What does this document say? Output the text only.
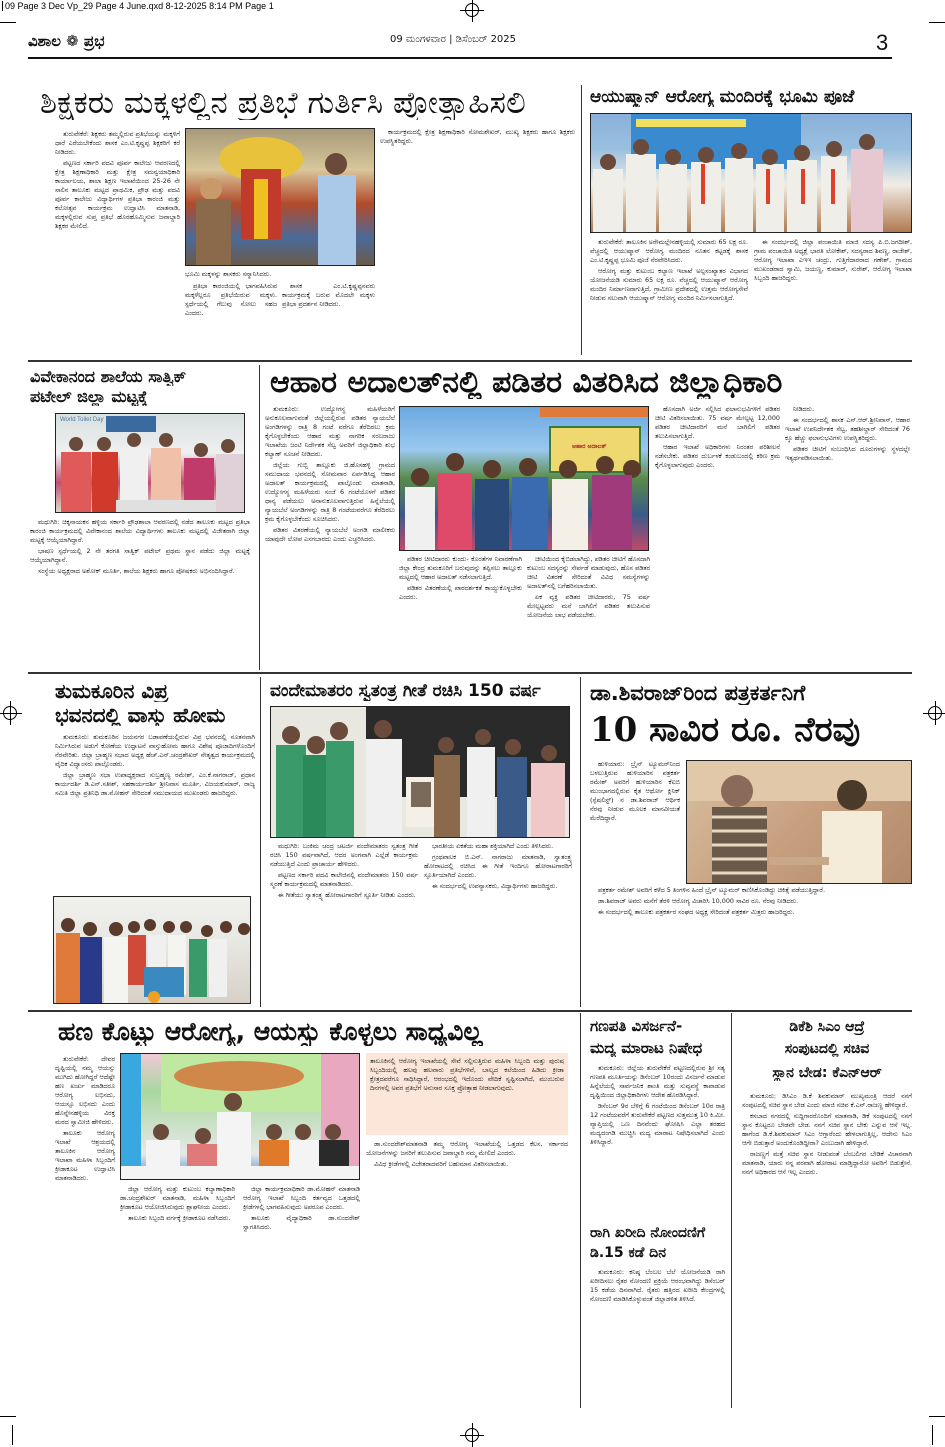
09 Page 3 Dec Vp_29 Page 4 June.qxd 8-12-2025 8:14 PM Page 1
ವಿಶಾಲ ❁ ಪ್ರಭ	09 ಮಂಗಳವಾರ | ಡಿಸೆಂಬರ್ 2025	3
ಶಿಕ್ಷಕರು ಮಕ್ಕಳಲ್ಲಿನ ಪ್ರತಿಭೆ ಗುರ್ತಿಸಿ ಪ್ರೋತ್ಸಾಹಿಸಲಿ

ತುರುವೇಕೆರೆ: ಶಿಕ್ಷಕರು ತಮ್ಮಲ್ಲಿರುವ ಪ್ರತಿಭೆಯನ್ನು ಮಕ್ಕಳಿಗೆ ಧಾರೆ ಎರೆಯಬೇಕೆಂದು ಶಾಸಕ ಎಂ.ಟಿ.ಕೃಷ್ಣಪ್ಪ ಶಿಕ್ಷಕರಿಗೆ ಕರೆ ನೀಡಿದರು.

ಪಟ್ಟಣದ ಸರ್ಕಾರಿ ಪದವಿ ಪೂರ್ವ ಕಾಲೇಜು ಆವರಣದಲ್ಲಿ ಕ್ಷೇತ್ರ ಶಿಕ್ಷಣಾಧಿಕಾರಿ ಮತ್ತು ಕ್ಷೇತ್ರ ಸಮನ್ವಯಾಧಿಕಾರಿ ಕಾರ್ಯಾಲಯ, ಶಾಲಾ ಶಿಕ್ಷಣ ಇಲಾಖೆಯಿಂದ 25-26 ನೇ ಸಾಲಿನ ತಾಲೂಕು ಮಟ್ಟದ ಪ್ರಾಥಮಿಕ, ಪ್ರೌಢ ಮತ್ತು ಪದವಿ ಪೂರ್ವ ಕಾಲೇಜು ವಿದ್ಯಾರ್ಥಿಗಳ ಪ್ರತಿಭಾ ಕಾರಂಜಿ ಮತ್ತು ಕಲೋತ್ಸವ ಕಾರ್ಯಕ್ರಮ ಉದ್ಘಾಟಿಸಿ ಮಾತನಾಡಿ, ಮಕ್ಕಳಲ್ಲಿರುವ ಸುಪ್ತ ಪ್ರತಿಭೆ ಹೊರಹೊಮ್ಮಿಸುವ ಜವಾಬ್ದಾರಿ ಶಿಕ್ಷಕರ ಮೇಲಿದೆ.

ಭೂಮಿ ಮಕ್ಕಳನ್ನು ಶಾಸಕರು ಸನ್ಮಾನಿಸಿದರು.

ಪ್ರತಿಭಾ ಕಾರಂಜಿಯಲ್ಲಿ ಭಾಗವಹಿಸಿರುವ ಮಕ್ಕಳೆಲ್ಲರೂ ಪ್ರತಿಭೆಯಿರುವ ಮಕ್ಕಳು. ಸ್ಪರ್ಧೆಯಲ್ಲಿ ಗೆಲುವು ಸೋಲು ಸಹಜ ಎಂದರು.

ಶಾಸಕ ಎಂ.ಟಿ.ಕೃಷ್ಣಪ್ಪನವರು ಕಾರ್ಯಕ್ರಮಕ್ಕೆ ಬರುವ ಮೊದಲೇ ಮಕ್ಕಳು ಪ್ರತಿಭಾ ಪ್ರದರ್ಶನ ನೀಡಿದರು.

ಕಾರ್ಯಕ್ರಮದಲ್ಲಿ ಕ್ಷೇತ್ರ ಶಿಕ್ಷಣಾಧಿಕಾರಿ ಸೋಮಶೇಖರ್, ಮುಖ್ಯ ಶಿಕ್ಷಕರು ಹಾಗೂ ಶಿಕ್ಷಕರು ಉಪಸ್ಥಿತರಿದ್ದರು.

ಆಯುಷ್ಮಾನ್ ಆರೋಗ್ಯ ಮಂದಿರಕ್ಕೆ ಭೂಮಿ ಪೂಜೆ

ತುರುವೇಕೆರೆ: ತಾಲೂಕಿನ ಅರೇಮಲ್ಲೇನಹಳ್ಳಿಯಲ್ಲಿ ಸುಮಾರು 65 ಲಕ್ಷ ರೂ. ವೆಚ್ಚದಲ್ಲಿ ಆಯುಷ್ಮಾನ್ ಆರೋಗ್ಯ ಮಂದಿರದ ನೂತನ ಕಟ್ಟಡಕ್ಕೆ ಶಾಸಕ ಎಂ.ಟಿ.ಕೃಷ್ಣಪ್ಪ ಭೂಮಿ ಪೂಜೆ ನೆರವೇರಿಸಿದರು.

ಆರೋಗ್ಯ ಮತ್ತು ಕುಟುಂಬ ಕಲ್ಯಾಣ ಇಲಾಖೆ ಅಲ್ಪಸಂಖ್ಯಾತರ ವಿಭಾಗದ ಯೋಜನೆಯಡಿ ಸುಮಾರು 65 ಲಕ್ಷ ರೂ. ವೆಚ್ಚದಲ್ಲಿ ಆಯುಷ್ಮಾನ್ ಆರೋಗ್ಯ ಮಂದಿರ ನಿರ್ಮಾಣವಾಗುತ್ತಿದೆ, ಗ್ರಾಮೀಣ ಪ್ರದೇಶದಲ್ಲಿ ಉತ್ತಮ ಆರೋಗ್ಯಸೇವೆ ನೀಡುವ ಸಲುವಾಗಿ ಆಯುಷ್ಮಾನ್ ಆರೋಗ್ಯ ಮಂದಿರ ನಿರ್ಮಿಸಲಾಗುತ್ತಿದೆ.

ಈ ಸಂದರ್ಭದಲ್ಲಿ ಜಿಲ್ಲಾ ಪಂಚಾಯಿತಿ ಮಾಜಿ ಸದಸ್ಯ ಪಿ.ಬಿ.ಜಗದೀಶ್, ಗ್ರಾಮ ಪಂಚಾಯಿತಿ ಅಧ್ಯಕ್ಷೆ ಭಾರತಿ ಲೋಕೇಶ್, ಸದಸ್ಯರಾದ ಶಿವಣ್ಣ, ರಾಜೇಶ್, ಆರೋಗ್ಯ ಇಲಾಖಾ ಎಇಇ ಚಂದ್ರು, ಗುತ್ತಿಗೆದಾರರಾದ ಗಣೇಶ್, ಗ್ರಾಮದ ಮುಖಂಡರಾದ ಸ್ವಾಮಿ, ಜಯಣ್ಣ, ಕುಮಾರ್, ಸುರೇಶ್, ಆರೋಗ್ಯ ಇಲಾಖಾ ಸಿಬ್ಬಂದಿ ಹಾಜರಿದ್ದರು.

ವಿವೇಕಾನಂದ ಶಾಲೆಯ ಸಾತ್ವಿಕ್
ಪಟೇಲ್ ಜಿಲ್ಲಾ ಮಟ್ಟಕ್ಕೆ
World Toilet Day

ಮಧುಗಿರಿ: ಚಿಕ್ಕನಾಯಕನ ಹಳ್ಳಿಯ ಸರ್ಕಾರಿ ಪ್ರೌಢಶಾಲಾ ಆವರಣದಲ್ಲಿ ನಡೆದ ತಾಲೂಕು ಮಟ್ಟದ ಪ್ರತಿಭಾ ಕಾರಂಜಿ ಕಾರ್ಯಕ್ರಮದಲ್ಲಿ ವಿವೇಕಾನಂದ ಶಾಲೆಯ ವಿದ್ಯಾರ್ಥಿಗಳು ತಾಲೂಕು ಮಟ್ಟದಲ್ಲಿ ವಿಜೇತರಾಗಿ ಜಿಲ್ಲಾ ಮಟ್ಟಕ್ಕೆ ಆಯ್ಕೆಯಾಗಿದ್ದಾರೆ.

ಭಾಷಣ ಸ್ಪರ್ಧೆಯಲ್ಲಿ 2 ನೇ ತರಗತಿ ಸಾತ್ವಿಕ್ ಪಟೇಲ್ ಪ್ರಥಮ ಸ್ಥಾನ ಪಡೆದು ಜಿಲ್ಲಾ ಮಟ್ಟಕ್ಕೆ ಆಯ್ಕೆಯಾಗಿದ್ದಾನೆ.

ಸಂಸ್ಥೆಯ ಅಧ್ಯಕ್ಷರಾದ ಅಶೋಕ್ ಮೂರ್ತಿ, ಶಾಲೆಯ ಶಿಕ್ಷಕರು ಹಾಗೂ ಪೋಷಕರು ಅಭಿನಂದಿಸಿದ್ದಾರೆ.

ಆಹಾರ ಅದಾಲತ್‌ನಲ್ಲಿ ಪಡಿತರ ವಿತರಿಸಿದ ಜಿಲ್ಲಾಧಿಕಾರಿ

ತುಮಕೂರು: ಉದ್ಯೋಗಸ್ಥ ಮಹಿಳೆಯರಿಗೆ ಅನುಕೂಲವಾಗುವಂತೆ ಜಿಲ್ಲೆಯಲ್ಲಿರುವ ಪಡಿತರ ನ್ಯಾಯಬೆಲೆ ಅಂಗಡಿಗಳನ್ನು ರಾತ್ರಿ 8 ಗಂಟೆ ವರೆಗೂ ತೆರೆದಿರಲು ಕ್ರಮ ಕೈಗೊಳ್ಳಬೇಕೆಂದು ಆಹಾರ ಮತ್ತು ನಾಗರಿಕ ಸರಬರಾಜು ಇಲಾಖೆಯ ಜಂಟಿ ನಿರ್ದೇಶಕ ಸೆಲ್ವ ಅವರಿಗೆ ಜಿಲ್ಲಾಧಿಕಾರಿ ಶುಭ ಕಲ್ಯಾಣ್ ಸೂಚನೆ ನೀಡಿದರು.

ಜಿಲ್ಲೆಯ ಗುಬ್ಬಿ ತಾಲ್ಲೂಕು ಜಿ.ಹೊಸಹಳ್ಳಿ ಗ್ರಾಮದ ಸಮುದಾಯ ಭವನದಲ್ಲಿ ಸೋಮವಾರ ಏರ್ಪಡಿಸಿದ್ದ ಆಹಾರ ಅದಾಲತ್ ಕಾರ್ಯಕ್ರಮದಲ್ಲಿ ಪಾಲ್ಗೊಂಡು ಮಾತನಾಡಿ, ಉದ್ಯೋಗಸ್ಥ ಮಹಿಳೆಯರು ಸಂಜೆ 6 ಗಂಟೆಯೊಳಗೆ ಪಡಿತರ ಧಾನ್ಯ ಪಡೆಯಲು ಅನಾನುಕೂಲವಾಗುತ್ತಿರುವ ಹಿನ್ನೆಲೆಯಲ್ಲಿ ನ್ಯಾಯಬೆಲೆ ಅಂಗಡಿಗಳನ್ನು ರಾತ್ರಿ 8 ಗಂಟೆಯವರೆಗೂ ತೆರೆದಿರಲು ಕ್ರಮ ಕೈಗೊಳ್ಳಬೇಕೆಂದು ಸೂಚಿಸಿದರು.

ಪಡಿತರ ವಿತರಣೆಯಲ್ಲಿ ನ್ಯಾಯಬೆಲೆ ಅಂಗಡಿ ಮಾಲೀಕರು ಯಾವುದೇ ಲೋಪ ಎಸಗಬಾರದು ಎಂದು ಎಚ್ಚರಿಸಿದರು.

ಆಹಾರ ಅದಾಲತ್

ಪಡಿತರ ಚೀಟಿದಾರರು ಕುಂದು- ಕೊರತೆಗಳ ನಿವಾರಣೆಗಾಗಿ ಜಿಲ್ಲಾ ಕೇಂದ್ರ ತುಮಕೂರಿಗೆ ಬರುವುದನ್ನು ತಪ್ಪಿಸಲು ತಾಲ್ಲೂಕು ಮಟ್ಟದಲ್ಲಿ ಆಹಾರ ಅದಾಲತ್ ನಡೆಸಲಾಗುತ್ತಿದೆ.

ಪಡಿತರ ವಿತರಣೆಯಲ್ಲಿ ಪಾರದರ್ಶಕತೆ ಕಾಯ್ದುಕೊಳ್ಳಬೇಕು ಎಂದರು.

ಚೀಟಿಯಿಂದ ಕೈಬಿಡಲಾಗಿದ್ದು, ಪಡಿತರ ಚೀಟಿಗೆ ಹೊಸದಾಗಿ ಕುಟುಂಬ ಸದಸ್ಯರನ್ನು ಸೇರ್ಪಡೆ ಮಾಡುವುದು, ಹೊಸ ಪಡಿತರ ಚೀಟಿ ವಿತರಣೆ ಸೇರಿದಂತೆ ವಿವಿಧ ಸಮಸ್ಯೆಗಳನ್ನು ಅದಾಲತ್‌ನಲ್ಲಿ ಬಗೆಹರಿಸಲಾಯಿತು.

ಏಕ ವ್ಯಕ್ತಿ ಪಡಿತರ ಚೀಟಿದಾರರು, 75 ವರ್ಷ ಮೇಲ್ಪಟ್ಟವರು ಮನೆ ಬಾಗಿಲಿಗೆ ಪಡಿತರ ತಲುಪಿಸುವ ಯೋಜನೆಯ ಲಾಭ ಪಡೆಯಬೇಕು.

ಹೊಸದಾಗಿ ಅರ್ಜಿ ಸಲ್ಲಿಸಿದ ಫಲಾನುಭವಿಗಳಿಗೆ ಪಡಿತರ ಚೀಟಿ ವಿತರಿಸಲಾಯಿತು. 75 ವರ್ಷ ಮೇಲ್ಪಟ್ಟ 12,000 ಪಡಿತರ ಚೀಟಿದಾರರಿಗೆ ಮನೆ ಬಾಗಿಲಿಗೆ ಪಡಿತರ ತಲುಪಿಸಲಾಗುತ್ತಿದೆ.

ಆಹಾರ ಇಲಾಖೆ ಅಧಿಕಾರಿಗಳು ನಿರಂತರ ಪರಿಶೀಲನೆ ನಡೆಸಬೇಕು. ಪಡಿತರ ದುರ್ಬಳಕೆ ಕಂಡುಬಂದಲ್ಲಿ ಕಠಿಣ ಕ್ರಮ ಕೈಗೊಳ್ಳಲಾಗುವುದು ಎಂದರು.

ನೀಡಿದರು.

ಈ ಸಂದರ್ಭದಲ್ಲಿ ಶಾಸಕ ಎಸ್.ಆರ್.ಶ್ರೀನಿವಾಸ್, ಆಹಾರ ಇಲಾಖೆ ಉಪನಿರ್ದೇಶಕ ಸೆಲ್ವ, ತಹಶೀಲ್ದಾರ್ ಸೇರಿದಂತೆ 76 ಕ್ಕೂ ಹೆಚ್ಚು ಫಲಾನುಭವಿಗಳು ಉಪಸ್ಥಿತರಿದ್ದರು.

ಪಡಿತರ ಚೀಟಿಗೆ ಸಂಬಂಧಿಸಿದ ದೂರುಗಳನ್ನು ಸ್ಥಳದಲ್ಲೇ ಇತ್ಯರ್ಥಪಡಿಸಲಾಯಿತು.

ತುಮಕೂರಿನ ವಿಪ್ರ
ಭವನದಲ್ಲಿ ವಾಸ್ತು ಹೋಮ

ತುಮಕೂರು: ತುಮಕೂರಿನ ಜಯನಗರ ಬಡಾವಣೆಯಲ್ಲಿರುವ ವಿಪ್ರ ಭವನದಲ್ಲಿ ನೂತನವಾಗಿ ನಿರ್ಮಿಸಿರುವ ಅಡುಗೆ ಕೋಣೆಯ ಉದ್ಘಾಟನೆ ವಾಸ್ತುಹೋಮ ಹಾಗೂ ವಿಶೇಷ ಪೂಜಾದಿಗಳೊಂದಿಗೆ ನೆರವೇರಿತು. ಜಿಲ್ಲಾ ಬ್ರಾಹ್ಮಣ ಸಭಾದ ಅಧ್ಯಕ್ಷ ಹೆಚ್.ಎನ್.ಚಂದ್ರಶೇಖರ್ ನೇತೃತ್ವದ ಕಾರ್ಯಕ್ರಮದಲ್ಲಿ ವೈದಿಕ ವಿದ್ವಾಂಸರು ಪಾಲ್ಗೊಂಡರು.

ಜಿಲ್ಲಾ ಬ್ರಾಹ್ಮಣ ಸಭಾ ಉಪಾಧ್ಯಕ್ಷರಾದ ಸುಬ್ರಹ್ಮಣ್ಯ ರಮೇಶ್, ಎಂ.ಕೆ.ನಾಗರಾಜ್, ಪ್ರಧಾನ ಕಾರ್ಯದರ್ಶಿ ಡಿ.ಎನ್.ಸತೀಶ್, ಸಹಕಾರ್ಯದರ್ಶಿ ಶ್ರೀನಿವಾಸ ಮೂರ್ತಿ, ವಿಜಯಕುಮಾರ್, ರಾಜ್ಯ ಸಮಿತಿ ಜಿಲ್ಲಾ ಪ್ರತಿನಿಧಿ ಡಾ.ಮೋಹನ್ ಸೇರಿದಂತೆ ಸಮುದಾಯದ ಮುಖಂಡರು ಹಾಜರಿದ್ದರು.

ವಂದೇಮಾತರಂ ಸ್ವತಂತ್ರ ಗೀತೆ ರಚಿಸಿ 150 ವರ್ಷ

ಮಧುಗಿರಿ: ಬಂಕಿಮ ಚಂದ್ರ ಚಟರ್ಜಿ ವಂದೇಮಾತರಂ ಸ್ವತಂತ್ರ ಗೀತೆ ರಚಿಸಿ 150 ವರ್ಷವಾಗಿದೆ, ಆದರ ಅಂಗವಾಗಿ ಎಲ್ಲೆಡೆ ಕಾರ್ಯಕ್ರಮ ನಡೆಯುತ್ತಿದೆ ಎಂದು ಪ್ರಾಚಾರ್ಯ ಹೇಳಿದರು.

ಪಟ್ಟಣದ ಸರ್ಕಾರಿ ಪದವಿ ಕಾಲೇಜಿನಲ್ಲಿ ವಂದೇಮಾತರಂ 150 ವರ್ಷ ಸ್ಮರಣೆ ಕಾರ್ಯಕ್ರಮದಲ್ಲಿ ಮಾತನಾಡಿದರು.

ಈ ಗೀತೆಯು ಸ್ವಾತಂತ್ರ್ಯ ಹೋರಾಟಗಾರರಿಗೆ ಸ್ಫೂರ್ತಿ ನೀಡಿತು ಎಂದರು.

ಭಾರತೀಯ ಏಕತೆಯ ಮಹಾ ಶಕ್ತಿಯಾಗಿದೆ ಎಂದು ತಿಳಿಸಿದರು.

ಗ್ರಂಥಪಾಲಕ ಬಿ.ಎನ್. ನಾಗರಾಜು ಮಾತನಾಡಿ, ಸ್ವಾತಂತ್ರ್ಯ ಹೋರಾಟದಲ್ಲಿ ರಚಿಸಿದ ಈ ಗೀತೆ ಇಂದಿಗೂ ಹೋರಾಟಗಾರರಿಗೆ ಸ್ಫೂರ್ತಿಯಾಗಿದೆ ಎಂದರು.

ಈ ಸಂದರ್ಭದಲ್ಲಿ ಉಪನ್ಯಾಸಕರು, ವಿದ್ಯಾರ್ಥಿಗಳು ಹಾಜರಿದ್ದರು.

ಡಾ.ಶಿವರಾಜ್‌ರಿಂದ ಪತ್ರಕರ್ತನಿಗೆ
10 ಸಾವಿರ ರೂ. ನೆರವು

ಹುಳಿಯಾರು: ಬ್ರೈನ್ ಟ್ಯೂಮರ್‌ನಿಂದ ಬಳಲುತ್ತಿರುವ ಹುಳಿಯಾರಿನ ಪತ್ರಕರ್ತ ರಮೇಶ್ ಅವರಿಗೆ ಹುಳಿಯಾರಿನ ಕೆಐಬಿ ಮುಂಭಾಗದಲ್ಲಿರುವ ಕೈತ ಆರ್ಥೋ ಕ್ಲಿನಿಕ್ (ಸ್ಪೆಷಲಿಸ್ಟ್) ನ ಡಾ.ಶಿವರಾಜ್ ಆರ್ಥಿಕ ನೆರವು ನೀಡುವ ಮೂಲಕ ಮಾನವೀಯತೆ ಮೆರೆದಿದ್ದಾರೆ.

ಪತ್ರಕರ್ತ ರಮೇಶ್ ಅವರಿಗೆ ಕಳೆದ 5 ತಿಂಗಳಿನ ಹಿಂದೆ ಬ್ರೈನ್ ಟ್ಯೂಮರ್ ಕಾಣಿಸಿಕೊಂಡಿದ್ದು ಚಿಕಿತ್ಸೆ ಪಡೆಯುತ್ತಿದ್ದಾರೆ.

ಡಾ.ಶಿವರಾಜ್ ಅವರು ಮನೆಗೆ ತೆರಳಿ ಆರೋಗ್ಯ ವಿಚಾರಿಸಿ 10,000 ಸಾವಿರ ರೂ. ನೆರವು ನೀಡಿದರು.

ಈ ಸಂದರ್ಭದಲ್ಲಿ ತಾಲೂಕು ಪತ್ರಕರ್ತರ ಸಂಘದ ಅಧ್ಯಕ್ಷ ಸೇರಿದಂತೆ ಪತ್ರಕರ್ತ ಮಿತ್ರರು ಹಾಜರಿದ್ದರು.

ಹಣ ಕೊಟ್ಟು ಆರೋಗ್ಯ, ಆಯಸ್ಸು ಕೊಳ್ಳಲು ಸಾಧ್ಯವಿಲ್ಲ

ತುರುವೇಕೆರೆ: ದೇವರ ದೃಷ್ಟಿಯಲ್ಲಿ ನಮ್ಮ ಆಯಸ್ಸು ಮುಗಿದು ಹೋಗಿದ್ದರೆ ಆದೆಷ್ಟೇ ಹಣ ಖರ್ಚು ಮಾಡಿದರೂ ಆರೋಗ್ಯ ಲಭಿಸದು, ಆಯಸ್ಸೂ ಲಭಿಸದು ಎಂದು ಹೊನ್ನೇನಹಳ್ಳಿಯ ವಿರಕ್ತ ಮಠದ ಸ್ವಾಮೀಜಿ ಹೇಳಿದರು.

ತಾಲೂಕು ಆರೋಗ್ಯ ಇಲಾಖೆ ಆಶ್ರಯದಲ್ಲಿ ತಾಲೂಕಿನ ಆರೋಗ್ಯ ಇಲಾಖಾ ಮಹಿಳಾ ಸಿಬ್ಬಂದಿಗೆ ಕ್ರೀಡಾಕೂಟ ಉದ್ಘಾಟಿಸಿ ಮಾತನಾಡಿದರು.

ಜಿಲ್ಲಾ ಆರೋಗ್ಯ ಮತ್ತು ಕುಟುಂಬ ಕಲ್ಯಾಣಾಧಿಕಾರಿ ಡಾ.ಚಂದ್ರಶೇಖರ್ ಮಾತನಾಡಿ, ಮಹಿಳಾ ಸಿಬ್ಬಂದಿಗೆ ಕ್ರೀಡಾಕೂಟ ಆಯೋಜಿಸಿರುವುದು ಶ್ಲಾಘನೀಯ ಎಂದರು.

ತಾಲೂಕು ಸಿಬ್ಬಂದಿ ವರ್ಗಕ್ಕೆ ಕ್ರೀಡಾಕೂಟ ನಡೆಸಿದರು.

ಜಿಲ್ಲಾ ಕಾರ್ಯಕ್ರಮಾಧಿಕಾರಿ ಡಾ.ಮೋಹನ್ ಮಾತನಾಡಿ ಆರೋಗ್ಯ ಇಲಾಖೆ ಸಿಬ್ಬಂದಿ ಕರ್ತವ್ಯದ ಒತ್ತಡದಲ್ಲಿ ಕ್ರೀಡೆಗಳಲ್ಲಿ ಭಾಗವಹಿಸುವುದು ಅಪರೂಪ ಎಂದರು.

ತಾಲೂಕು ವೈದ್ಯಾಧಿಕಾರಿ ಡಾ.ಸುಂದರೇಶ್ ಸ್ವಾಗತಿಸಿದರು.

ತಾಲೂಕಿನಲ್ಲಿ ಆರೋಗ್ಯ ಇಲಾಖೆಯಲ್ಲಿ ಸೇವೆ ಸಲ್ಲಿಸುತ್ತಿರುವ ಮಹಿಳಾ ಸಿಬ್ಬಂದಿ ಮತ್ತು ಪುರುಷ ಸಿಬ್ಬಂದಿಯಲ್ಲಿ ಹಲವು ಹಲವಾರು ಪ್ರತಿಭೆಗಳಿವೆ, ಬಾಲ್ಯದ ಕಲೆಯಿಂದ ಹಿಡಿದು ಕ್ರೀಡಾ ಕ್ಷೇತ್ರದವರೆಗೂ ಸಾಧಿಸಿದ್ದಾರೆ, ಆರಂಭದಲ್ಲಿ ಇದೊಂದು ವೇದಿಕೆ ಸೃಷ್ಟಿಸಲಾಗಿದೆ, ಮುಂಬರುವ ದಿನಗಳಲ್ಲಿ ಅವರ ಪ್ರತಿಭೆಗೆ ಅನುಸಾರ ಸೂಕ್ತ ಪ್ರೋತ್ಸಾಹ ನೀಡಲಾಗುವುದು.

ಡಾ.ಸುಂದರೇಶ್‌ಮಾತನಾಡಿ ತಮ್ಮ ಆರೋಗ್ಯ ಇಲಾಖೆಯಲ್ಲಿ ಒತ್ತಡದ ಕೆಲಸ, ಸರ್ಕಾರದ ಯೋಜನೆಗಳನ್ನು ಜನರಿಗೆ ತಲುಪಿಸುವ ಜವಾಬ್ದಾರಿ ನಮ್ಮ ಮೇಲಿದೆ ಎಂದರು.

ವಿವಿಧ ಕ್ರೀಡೆಗಳಲ್ಲಿ ವಿಜೇತರಾದವರಿಗೆ ಬಹುಮಾನ ವಿತರಿಸಲಾಯಿತು.

ಗಣಪತಿ ವಿಸರ್ಜನೆ-
ಮದ್ಯ ಮಾರಾಟ ನಿಷೇಧ

ತುಮಕೂರು: ಜಿಲ್ಲೆಯ ತುರುವೇಕೆರೆ ಪಟ್ಟಣದಲ್ಲಿರುವ ಶ್ರೀ ಸತ್ಯ ಗಣಪತಿ ಮೂರ್ತಿಯನ್ನು ಡಿಸೆಂಬರ್ 10ರಂದು ವಿಸರ್ಜನೆ ಮಾಡುವ ಹಿನ್ನೆಲೆಯಲ್ಲಿ ಸಾರ್ವಜನಿಕ ಶಾಂತಿ ಮತ್ತು ಸುವ್ಯವಸ್ಥೆ ಕಾಪಾಡುವ ದೃಷ್ಟಿಯಿಂದ ಜಿಲ್ಲಾಧಿಕಾರಿಗಳು ಆದೇಶ ಹೊರಡಿಸಿದ್ದಾರೆ.

ಡಿಸೆಂಬರ್ 9ರ ಬೆಳಿಗ್ಗೆ 6 ಗಂಟೆಯಿಂದ ಡಿಸೆಂಬರ್ 10ರ ರಾತ್ರಿ 12 ಗಂಟೆಯವರೆಗೆ ತುರುವೇಕೆರೆ ಪಟ್ಟಣದ ಸುತ್ತಮುತ್ತ 10 ಕಿ.ಮೀ. ವ್ಯಾಪ್ತಿಯಲ್ಲಿ ಒಣ ದಿನವೆಂದು ಘೋಷಿಸಿ ಎಲ್ಲಾ ತರಹದ ಮದ್ಯದಂಗಡಿ ಮುಚ್ಚಿಸಿ ಮದ್ಯ ಮಾರಾಟ ನಿಷೇಧಿಸಲಾಗಿದೆ ಎಂದು ತಿಳಿಸಿದ್ದಾರೆ.

ರಾಗಿ ಖರೀದಿ ನೋಂದಣಿಗೆ
ಡಿ.15 ಕಡೆ ದಿನ

ತುಮಕೂರು: ಕನಿಷ್ಠ ಬೆಂಬಲ ಬೆಲೆ ಯೋಜನೆಯಡಿ ರಾಗಿ ಖರೀದಿಸಲು ರೈತರ ನೋಂದಣಿ ಪ್ರಕ್ರಿಯೆ ಆರಂಭವಾಗಿದ್ದು ಡಿಸೆಂಬರ್ 15 ಕಡೆಯ ದಿನವಾಗಿದೆ. ರೈತರು ಹತ್ತಿರದ ಖರೀದಿ ಕೇಂದ್ರಗಳಲ್ಲಿ ನೋಂದಣಿ ಮಾಡಿಸಿಕೊಳ್ಳುವಂತೆ ಜಿಲ್ಲಾಡಳಿತ ತಿಳಿಸಿದೆ.

ಡಿಕೆಶಿ ಸಿಎಂ ಆದ್ರೆ
ಸಂಪುಟದಲ್ಲಿ ಸಚಿವ
ಸ್ಥಾನ ಬೇಡ: ಕೆಎನ್‌ಆರ್

ತುಮಕೂರು: ಡಿಸಿಎಂ ಡಿ.ಕೆ ಶಿವಕುಮಾರ್ ಮುಖ್ಯಮಂತ್ರಿ ಆದರೆ ನನಗೆ ಸಂಪುಟದಲ್ಲಿ ಸಚಿವ ಸ್ಥಾನ ಬೇಡ ಎಂದು ಮಾಜಿ ಸಚಿವ ಕೆ.ಎನ್.ರಾಜಣ್ಣ ಹೇಳಿದ್ದಾರೆ.

ಕಸಬಾದ ನಗರದಲ್ಲಿ ಸುದ್ದಿಗಾರರೊಂದಿಗೆ ಮಾತನಾಡಿ, ಡಿಕೆ ಸಂಪುಟದಲ್ಲಿ ನನಗೆ ಸ್ಥಾನ ಕೊಟ್ಟರೂ ಬೇಡವೇ ಬೇಡ. ನನಗೆ ಸಚಿವ ಸ್ಥಾನ ಬೇಕು ಎನ್ನುವ ಆಸೆ ಇಲ್ಲ. ಹಾಗೆಂದ ಡಿ.ಕೆ.ಶಿವಕುಮಾರ್ ಸಿಎಂ ಆಗ್ತಾರೆಂದು ಹೇಳಲಾಗುತ್ತಿಲ್ಲ, ಆದೇನು ಸಿಎಂ ಆಗೇ ಬಿಡುತ್ತಾರೆ ಅಂದುಕೊಂಡಿದ್ದೀರಾ? ಎಂಬುದಾಗಿ ಹೇಳಿದ್ದಾರೆ.

ರಾಜಣ್ಣಗೆ ಮತ್ತೆ ಸಚಿವ ಸ್ಥಾನ ನೀಡುವಂತೆ ಬೆಂಬಲಿಗರ ಬೇಡಿಕೆ ವಿಚಾರವಾಗಿ ಮಾತನಾಡಿ, ಯಾರು ನನ್ನ ಪರವಾಗಿ ಹೋರಾಟ ಮಾಡ್ತಿದ್ದಾರೋ ಅವರಿಗೆ ಬಿಡುತ್ತೇನೆ. ನನಗೆ ಅಧಿಕಾರದ ಆಸೆ ಇಲ್ಲ ಎಂದರು.
